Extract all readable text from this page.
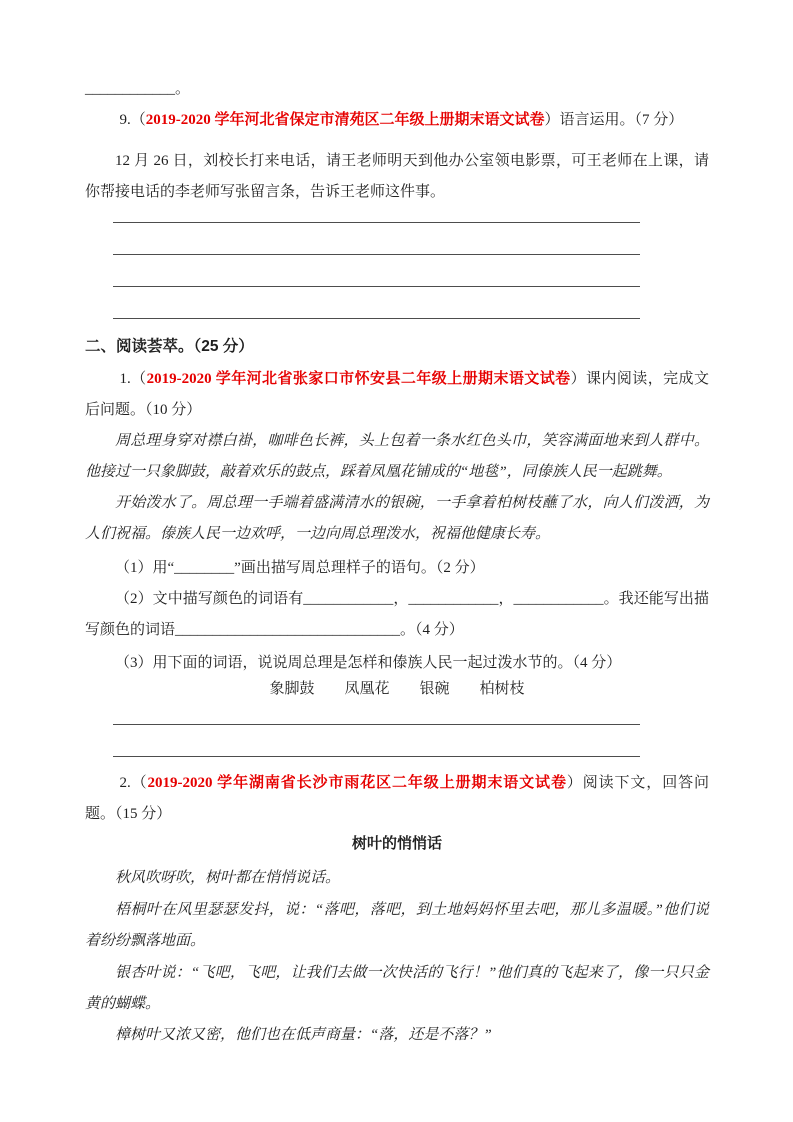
____________。

9.（2019-2020 学年河北省保定市清苑区二年级上册期末语文试卷）语言运用。（7 分）

12 月 26 日，刘校长打来电话，请王老师明天到他办公室领电影票，可王老师在上课，请你帮接电话的李老师写张留言条，告诉王老师这件事。

二、阅读荟萃。（25 分）

1.（2019-2020 学年河北省张家口市怀安县二年级上册期末语文试卷）课内阅读，完成文后问题。（10 分）

周总理身穿对襟白褂，咖啡色长裤，头上包着一条水红色头巾，笑容满面地来到人群中。他接过一只象脚鼓，敲着欢乐的鼓点，踩着凤凰花铺成的“地毯”，同傣族人民一起跳舞。

开始泼水了。周总理一手端着盛满清水的银碗，一手拿着柏树枝蘸了水，向人们泼洒，为人们祝福。傣族人民一边欢呼，一边向周总理泼水，祝福他健康长寿。

（1）用“________”画出描写周总理样子的语句。（2 分）

（2）文中描写颜色的词语有____________，____________，____________。我还能写出描写颜色的词语______________________________。（4 分）

（3）用下面的词语，说说周总理是怎样和傣族人民一起过泼水节的。（4 分）

象脚鼓　　凤凰花　　银碗　　柏树枝

2.（2019-2020 学年湖南省长沙市雨花区二年级上册期末语文试卷）阅读下文，回答问题。（15 分）

树叶的悄悄话

秋风吹呀吹，树叶都在悄悄说话。

梧桐叶在风里瑟瑟发抖，说：“落吧，落吧，到土地妈妈怀里去吧，那儿多温暖。”他们说着纷纷飘落地面。

银杏叶说：“飞吧，飞吧，让我们去做一次快活的飞行！”他们真的飞起来了，像一只只金黄的蝴蝶。

樟树叶又浓又密，他们也在低声商量：“落，还是不落？”
